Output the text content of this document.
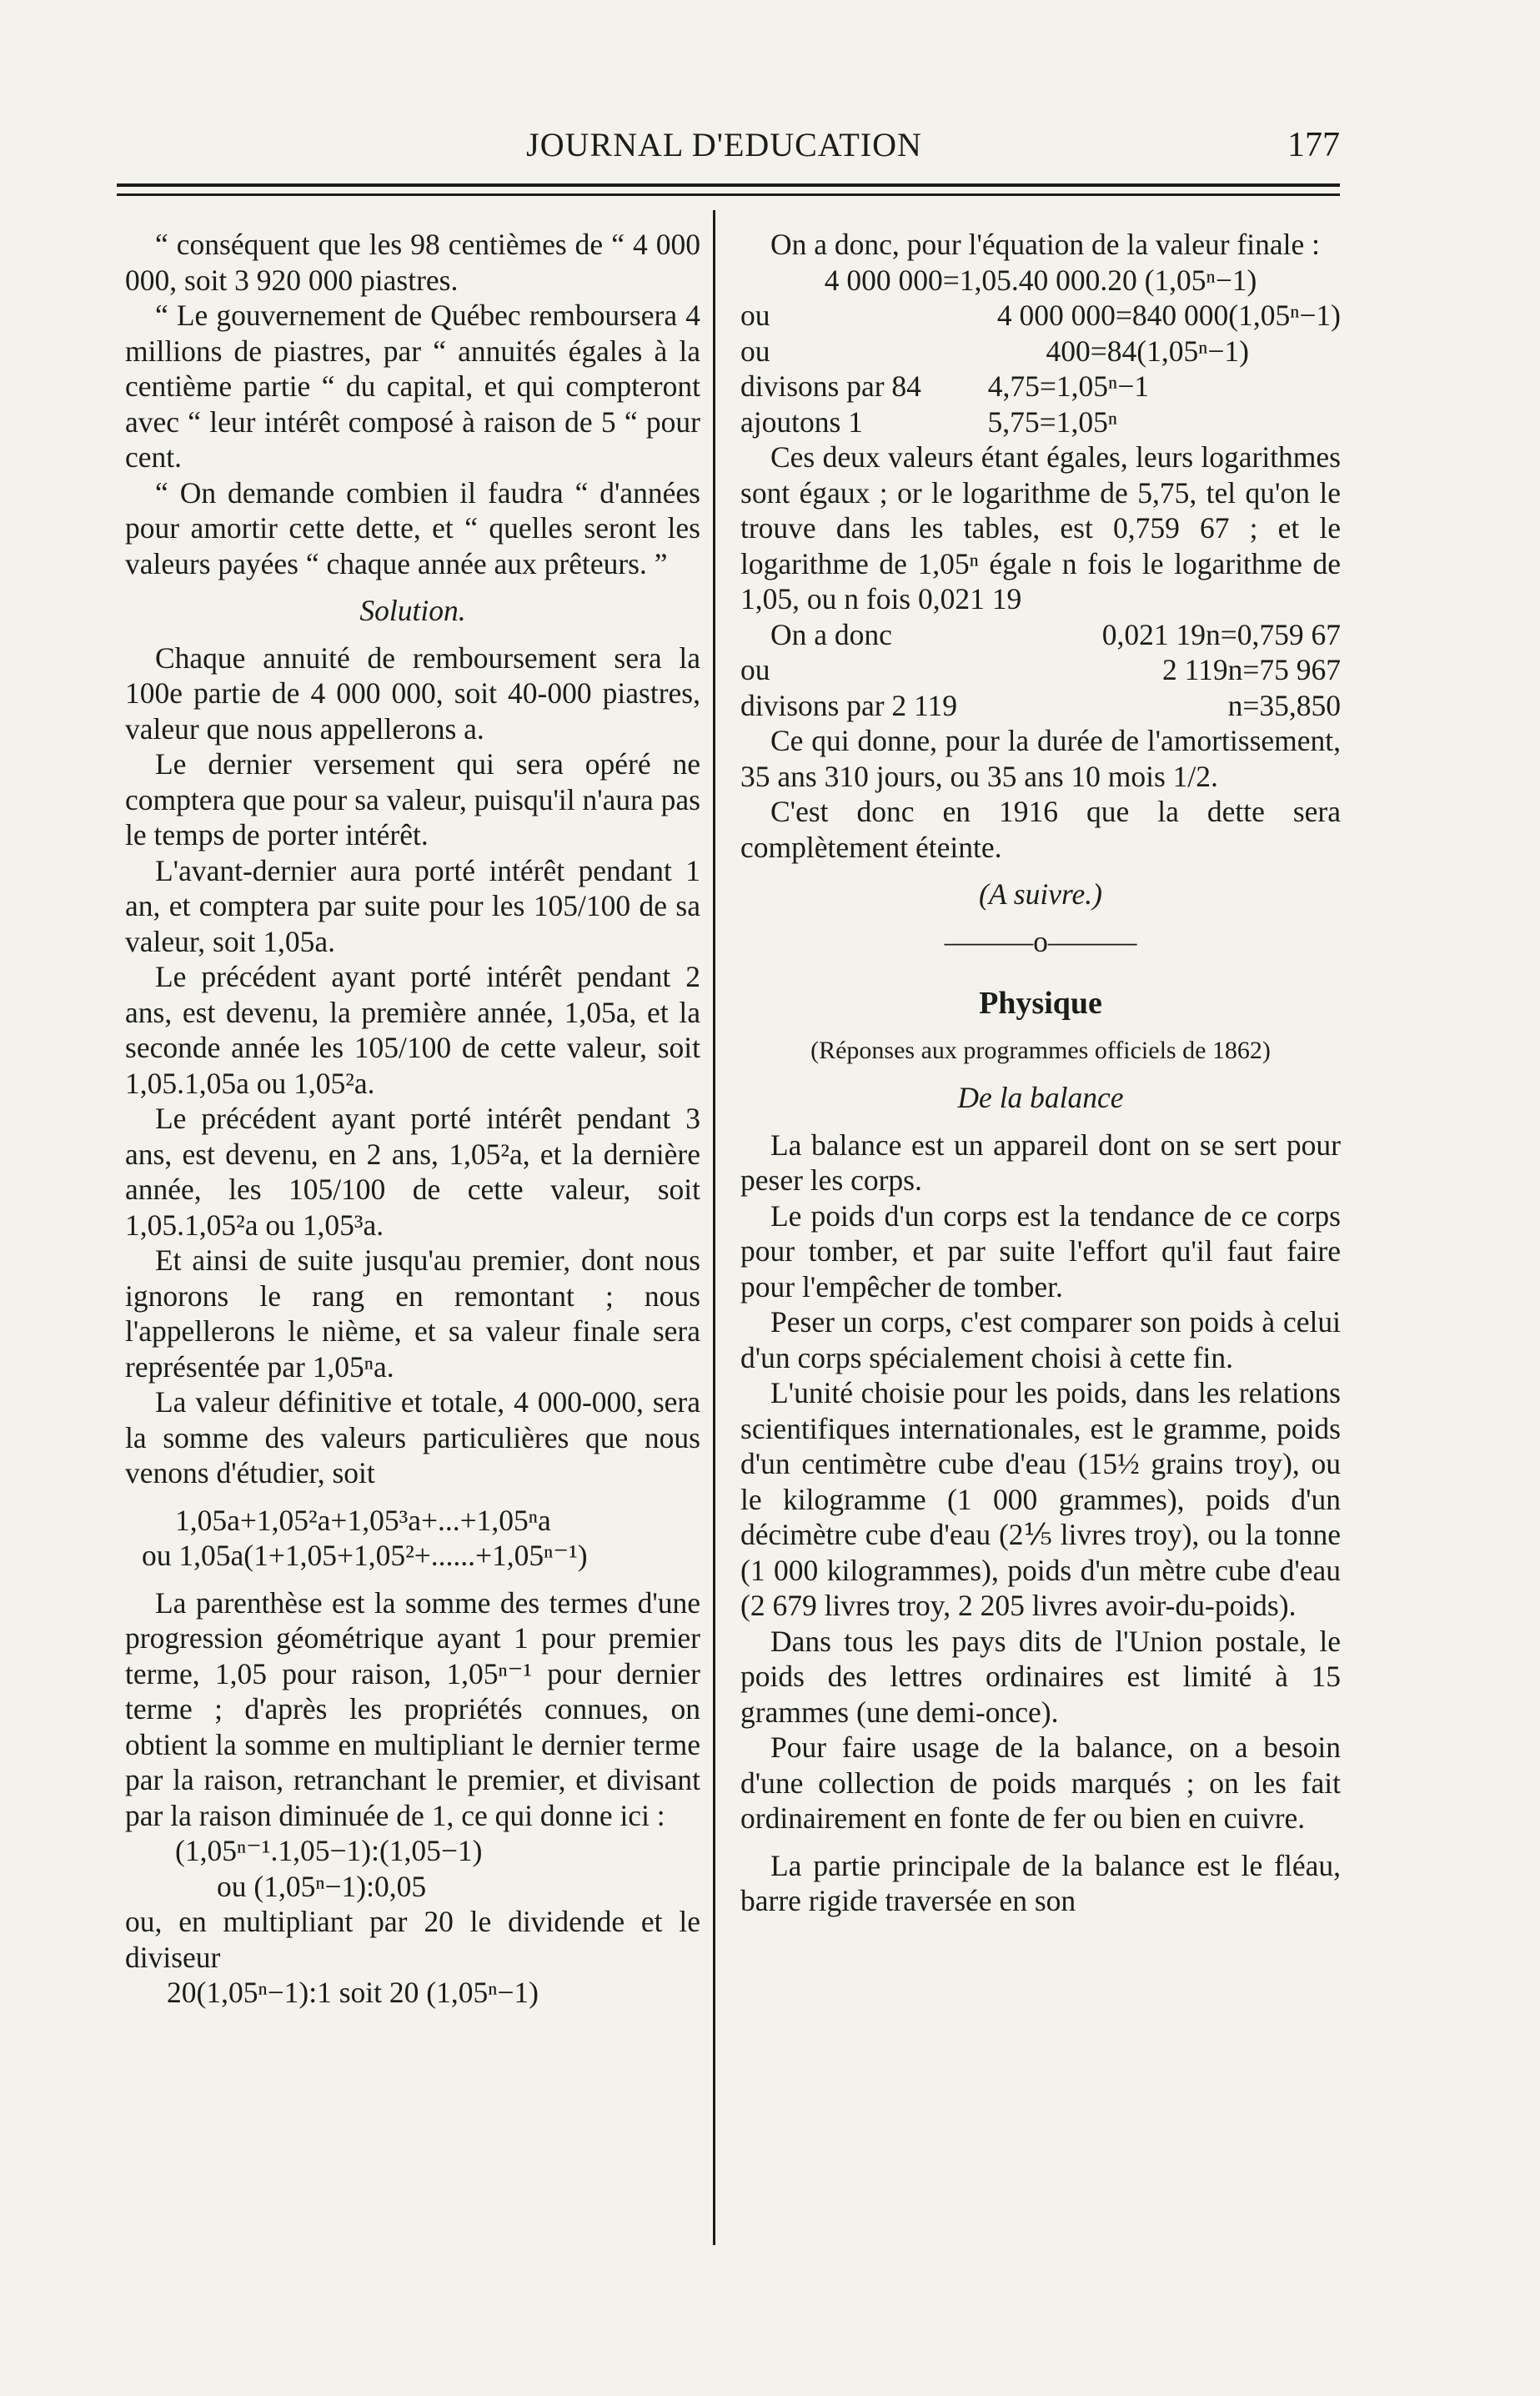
JOURNAL D'EDUCATION	177

“ conséquent que les 98 centièmes de “ 4 000 000, soit 3 920 000 piastres.

“ Le gouvernement de Québec remboursera 4 millions de piastres, par “ annuités égales à la centième partie “ du capital, et qui compteront avec “ leur intérêt composé à raison de 5 “ pour cent.

“ On demande combien il faudra “ d'années pour amortir cette dette, et “ quelles seront les valeurs payées “ chaque année aux prêteurs. ”

Solution.

Chaque annuité de remboursement sera la 100e partie de 4 000 000, soit 40-000 piastres, valeur que nous appellerons a.

Le dernier versement qui sera opéré ne comptera que pour sa valeur, puisqu'il n'aura pas le temps de porter intérêt.

L'avant-dernier aura porté intérêt pendant 1 an, et comptera par suite pour les 105/100 de sa valeur, soit 1,05a.

Le précédent ayant porté intérêt pendant 2 ans, est devenu, la première année, 1,05a, et la seconde année les 105/100 de cette valeur, soit 1,05.1,05a ou 1,05²a.

Le précédent ayant porté intérêt pendant 3 ans, est devenu, en 2 ans, 1,05²a, et la dernière année, les 105/100 de cette valeur, soit 1,05.1,05²a ou 1,05³a.

Et ainsi de suite jusqu'au premier, dont nous ignorons le rang en remontant ; nous l'appellerons le nième, et sa valeur finale sera représentée par 1,05ⁿa.

La valeur définitive et totale, 4 000-000, sera la somme des valeurs particulières que nous venons d'étudier, soit

1,05a+1,05²a+1,05³a+...+1,05ⁿa

ou 1,05a(1+1,05+1,05²+......+1,05ⁿ⁻¹)

La parenthèse est la somme des termes d'une progression géométrique ayant 1 pour premier terme, 1,05 pour raison, 1,05ⁿ⁻¹ pour dernier terme ; d'après les propriétés connues, on obtient la somme en multipliant le dernier terme par la raison, retranchant le premier, et divisant par la raison diminuée de 1, ce qui donne ici :

(1,05ⁿ⁻¹.1,05−1):(1,05−1)

ou (1,05ⁿ−1):0,05

ou, en multipliant par 20 le dividende et le diviseur

20(1,05ⁿ−1):1 soit 20 (1,05ⁿ−1)

On a donc, pour l'équation de la valeur finale :

4 000 000=1,05.40 000.20 (1,05ⁿ−1)

ou	4 000 000=840 000(1,05ⁿ−1)
ou	400=84(1,05ⁿ−1)
divisons par 84 4,75=1,05ⁿ−1
ajoutons 1	5,75=1,05ⁿ

Ces deux valeurs étant égales, leurs logarithmes sont égaux ; or le logarithme de 5,75, tel qu'on le trouve dans les tables, est 0,759 67 ; et le logarithme de 1,05ⁿ égale n fois le logarithme de 1,05, ou n fois 0,021 19

On a donc	0,021 19n=0,759 67
ou	2 119n=75 967
divisons par 2 119	n=35,850

Ce qui donne, pour la durée de l'amortissement, 35 ans 310 jours, ou 35 ans 10 mois 1/2.

C'est donc en 1916 que la dette sera complètement éteinte.

(A suivre.)

———o———

Physique

(Réponses aux programmes officiels de 1862)

De la balance

La balance est un appareil dont on se sert pour peser les corps.

Le poids d'un corps est la tendance de ce corps pour tomber, et par suite l'effort qu'il faut faire pour l'empêcher de tomber.

Peser un corps, c'est comparer son poids à celui d'un corps spécialement choisi à cette fin.

L'unité choisie pour les poids, dans les relations scientifiques internationales, est le gramme, poids d'un centimètre cube d'eau (15½ grains troy), ou le kilogramme (1 000 grammes), poids d'un décimètre cube d'eau (2⅕ livres troy), ou la tonne (1 000 kilogrammes), poids d'un mètre cube d'eau (2 679 livres troy, 2 205 livres avoir-du-poids).

Dans tous les pays dits de l'Union postale, le poids des lettres ordinaires est limité à 15 grammes (une demi-once).

Pour faire usage de la balance, on a besoin d'une collection de poids marqués ; on les fait ordinairement en fonte de fer ou bien en cuivre.

La partie principale de la balance est le fléau, barre rigide traversée en son
